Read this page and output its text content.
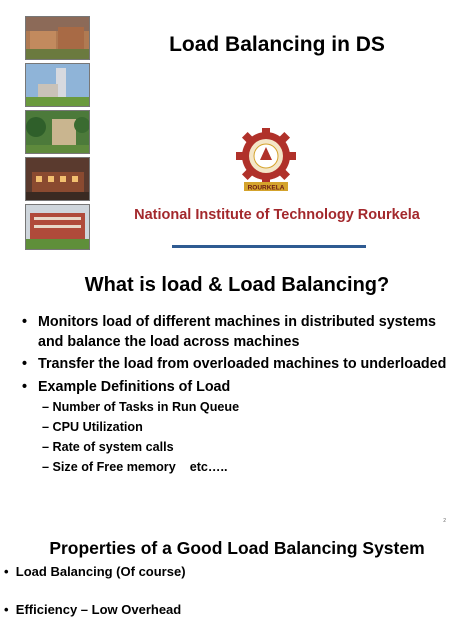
Load Balancing in DS
ROURKELA
National Institute of Technology Rourkela
What is load & Load Balancing?
• Monitors load of different machines in distributed systems
and balance the load across machines
• Transfer the load from overloaded machines to underloaded
• Example Definitions of Load
– Number of Tasks in Run Queue
– CPU Utilization
– Rate of system calls
– Size of Free memory    etc…..
2
Properties of a Good Load Balancing System
•  Load Balancing (Of course)
•  Efficiency – Low Overhead
